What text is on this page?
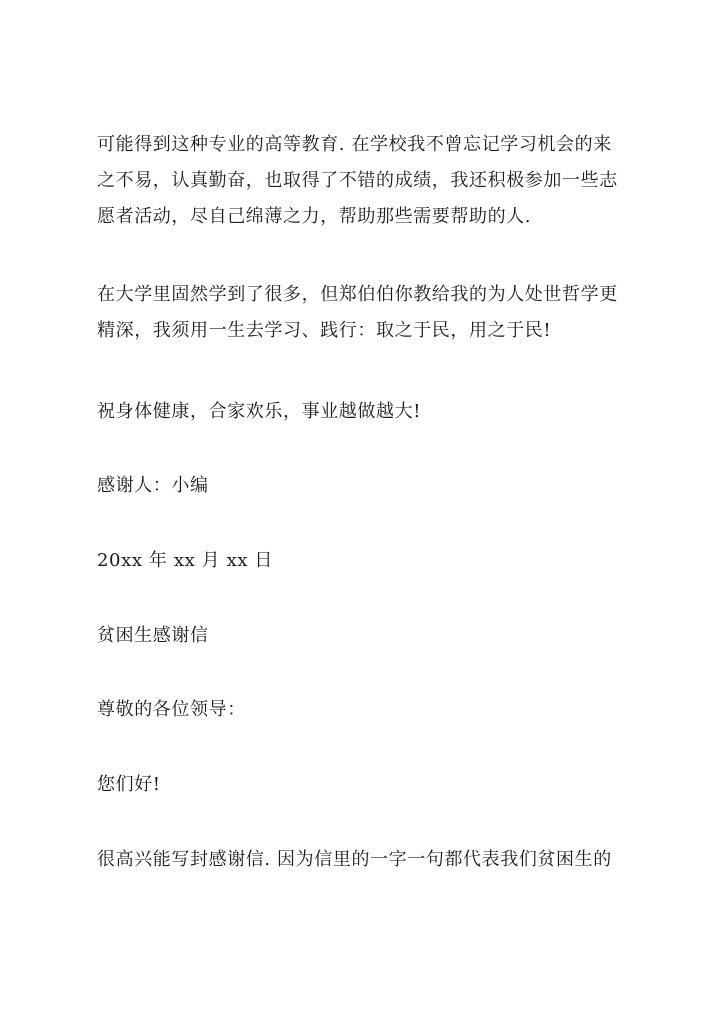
可能得到这种专业的高等教育. 在学校我不曾忘记学习机会的来
之不易，认真勤奋，也取得了不错的成绩，我还积极参加一些志
愿者活动，尽自己绵薄之力，帮助那些需要帮助的人.
在大学里固然学到了很多，但郑伯伯你教给我的为人处世哲学更
精深，我须用一生去学习、践行：取之于民，用之于民!
祝身体健康，合家欢乐，事业越做越大!
感谢人：小编
20xx 年 xx 月 xx 日
贫困生感谢信
尊敬的各位领导：
您们好!
很高兴能写封感谢信. 因为信里的一字一句都代表我们贫困生的
